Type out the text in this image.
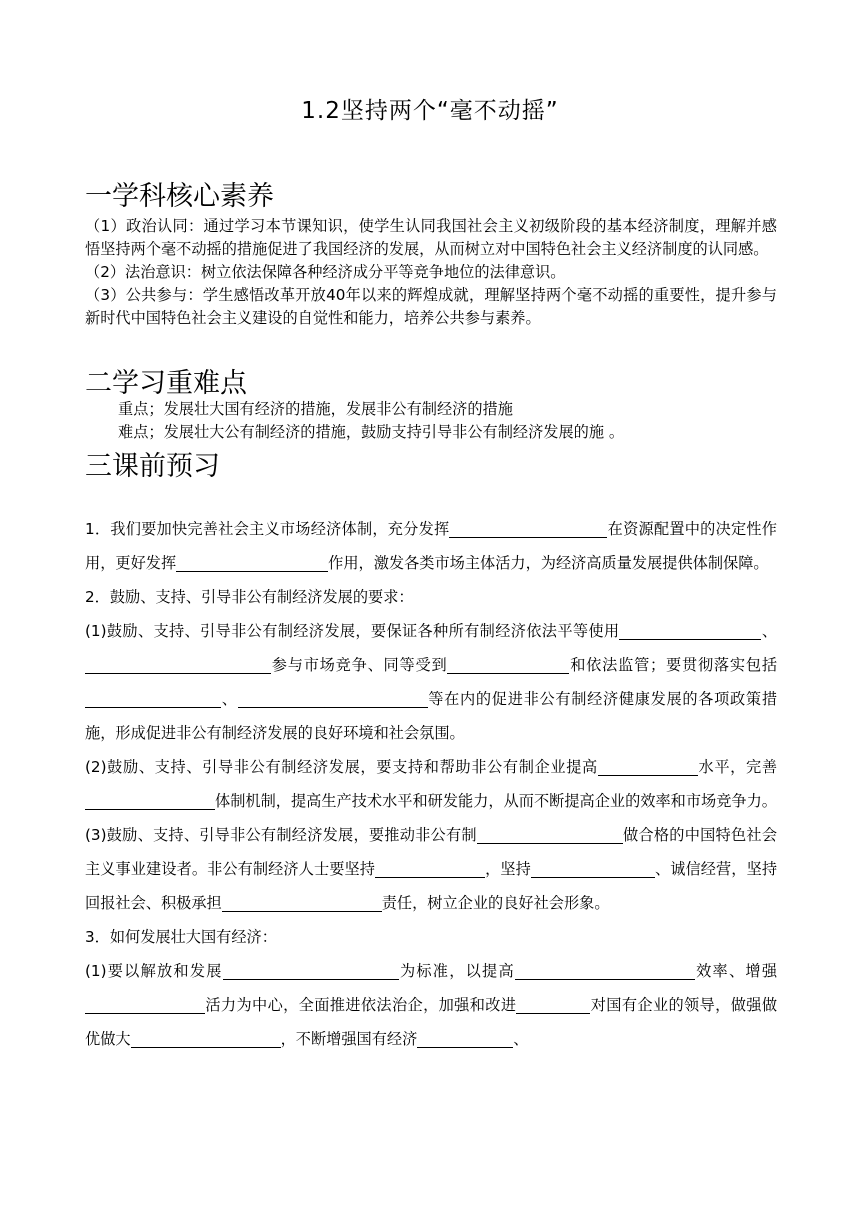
1.2坚持两个“毫不动摇”
一学科核心素养

（1）政治认同：通过学习本节课知识，使学生认同我国社会主义初级阶段的基本经济制度，理解并感悟坚持两个毫不动摇的措施促进了我国经济的发展，从而树立对中国特色社会主义经济制度的认同感。

（2）法治意识：树立依法保障各种经济成分平等竞争地位的法律意识。

（3）公共参与：学生感悟改革开放40年以来的辉煌成就，理解坚持两个毫不动摇的重要性，提升参与新时代中国特色社会主义建设的自觉性和能力，培养公共参与素养。

二学习重难点

重点；发展壮大国有经济的措施，发展非公有制经济的措施

难点；发展壮大公有制经济的措施，鼓励支持引导非公有制经济发展的施 。

三课前预习

1．我们要加快完善社会主义市场经济体制，充分发挥	在资源配置中的决定性作用，更好发挥	作用，激发各类市场主体活力，为经济高质量发展提供体制保障。

2．鼓励、支持、引导非公有制经济发展的要求：

(1)鼓励、支持、引导非公有制经济发展，要保证各种所有制经济依法平等使用	、参与市场竞争、同等受到	和依法监管；要贯彻落实包括、	等在内的促进非公有制经济健康发展的各项政策措施，形成促进非公有制经济发展的良好环境和社会氛围。

(2)鼓励、支持、引导非公有制经济发展，要支持和帮助非公有制企业提高	水平，完善体制机制，提高生产技术水平和研发能力，从而不断提高企业的效率和市场竞争力。

(3)鼓励、支持、引导非公有制经济发展，要推动非公有制	做合格的中国特色社会主义事业建设者。非公有制经济人士要坚持	，坚持	、诚信经营，坚持回报社会、积极承担	责任，树立企业的良好社会形象。

3．如何发展壮大国有经济：

(1)要以解放和发展	为标准，以提高	效率、增强活力为中心，全面推进依法治企，加强和改进	对国有企业的领导，做强做优做大	，不断增强国有经济	、
